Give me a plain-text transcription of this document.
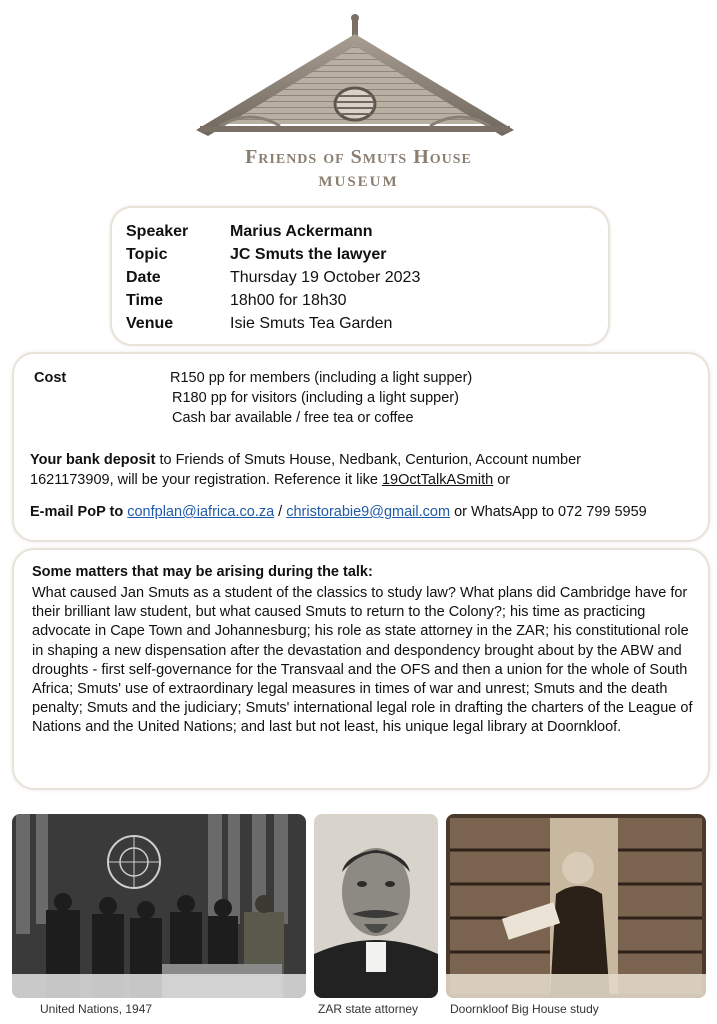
Friends of Smuts House
MUSEUM
Speaker	Marius Ackermann
Topic	JC Smuts the lawyer
Date	Thursday 19 October 2023
Time	18h00 for 18h30
Venue	Isie Smuts Tea Garden
Cost	R150 pp for members (including a light supper)
R180 pp for visitors (including a light supper)
Cash bar available / free tea or coffee
Your bank deposit to Friends of Smuts House, Nedbank, Centurion, Account number
1621173909, will be your registration. Reference it like 19OctTalkASmith or
E-mail PoP to confplan@iafrica.co.za / christorabie9@gmail.com or WhatsApp to 072 799 5959
Some matters that may be arising during the talk:
What caused Jan Smuts as a student of the classics to study law? What plans did Cambridge have for their brilliant law student, but what caused Smuts to return to the Colony?; his time as practicing advocate in Cape Town and Johannesburg; his role as state attorney in the ZAR; his constitutional role in shaping a new dispensation after the devastation and despondency brought about by the ABW and droughts - first self-governance for the Transvaal and the OFS and then a union for the whole of South Africa; Smuts' use of extraordinary legal measures in times of war and unrest; Smuts and the death penalty; Smuts and the judiciary; Smuts' international legal role in drafting the charters of the League of Nations and the United Nations; and last but not least, his unique legal library at Doornkloof.
United Nations, 1947	ZAR state attorney	Doornkloof Big House study
